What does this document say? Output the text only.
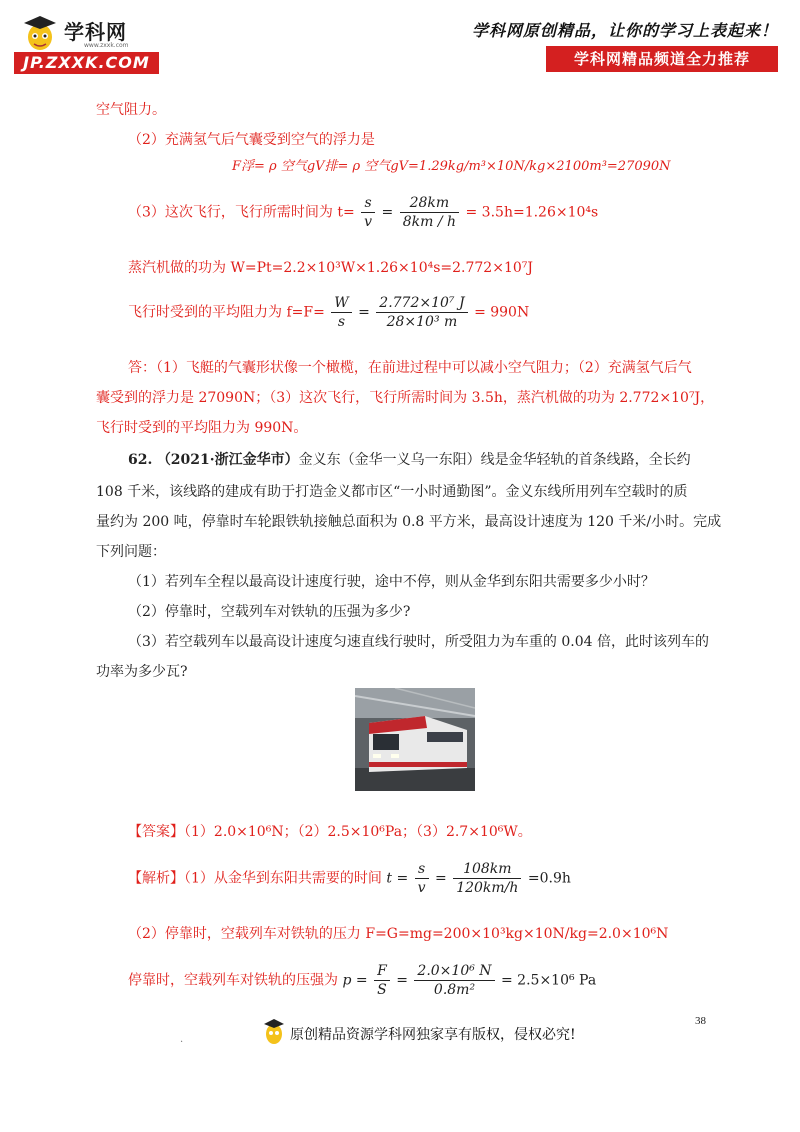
学科网
www.zxxk.com
JP.ZXXK.COM
学科网原创精品，让你的学习上表起来！
学科网精品频道全力推荐
空气阻力。
（2）充满氢气后气囊受到空气的浮力是
F浮= ρ 空气gV排= ρ 空气gV=1.29kg/m³×10N/kg×2100m³=27090N
（3）这次飞行，飞行所需时间为 $t= \frac{s}{v} = \frac{28km}{8km / h} = 3.5h=1.26\times 10^4s$
蒸汽机做的功为 W=Pt=2.2×10³W×1.26×10⁴s=2.772×10⁷J
飞行时受到的平均阻力为 $f=F= \frac{W}{s} = \frac{\text{2.772×10⁷ J}}{\text{28×10³ m}} = 990N$
答：（1）飞艇的气囊形状像一个橄榄，在前进过程中可以减小空气阻力；（2）充满氢气后气
囊受到的浮力是 27090N；（3）这次飞行，飞行所需时间为 3.5h，蒸汽机做的功为 2.772×10⁷J，
飞行时受到的平均阻力为 990N。
62. （2021·浙江金华市）金义东（金华一义乌一东阳）线是金华轻轨的首条线路，全长约
108 千米，该线路的建成有助于打造金义都市区“一小时通勤图”。金义东线所用列车空载时的质
量约为 200 吨，停靠时车轮跟铁轨接触总面积为 0.8 平方米，最高设计速度为 120 千米/小时。完成
下列问题：
（1）若列车全程以最高设计速度行驶，途中不停，则从金华到东阳共需要多少小时？
（2）停靠时，空载列车对铁轨的压强为多少?
（3）若空载列车以最高设计速度匀速直线行驶时，所受阻力为车重的 0.04 倍，此时该列车的
功率为多少瓦?
【答案】（1）2.0×10⁶N；（2）2.5×10⁶Pa；（3）2.7×10⁶W。
【解析】（1）从金华到东阳共需要的时间 $t = \frac{s}{v} = \frac{108km}{120km/h} =0.9h$
（2）停靠时，空载列车对铁轨的压力 F=G=mg=200×10³kg×10N/kg=2.0×10⁶N
停靠时，空载列车对铁轨的压强为 $p = \frac{F}{S} = \frac{\text{2.0×10⁶ N}}{\text{0.8m²}} = 2.5\times 10^6$ Pa
38
.	原创精品资源学科网独家享有版权，侵权必究!
